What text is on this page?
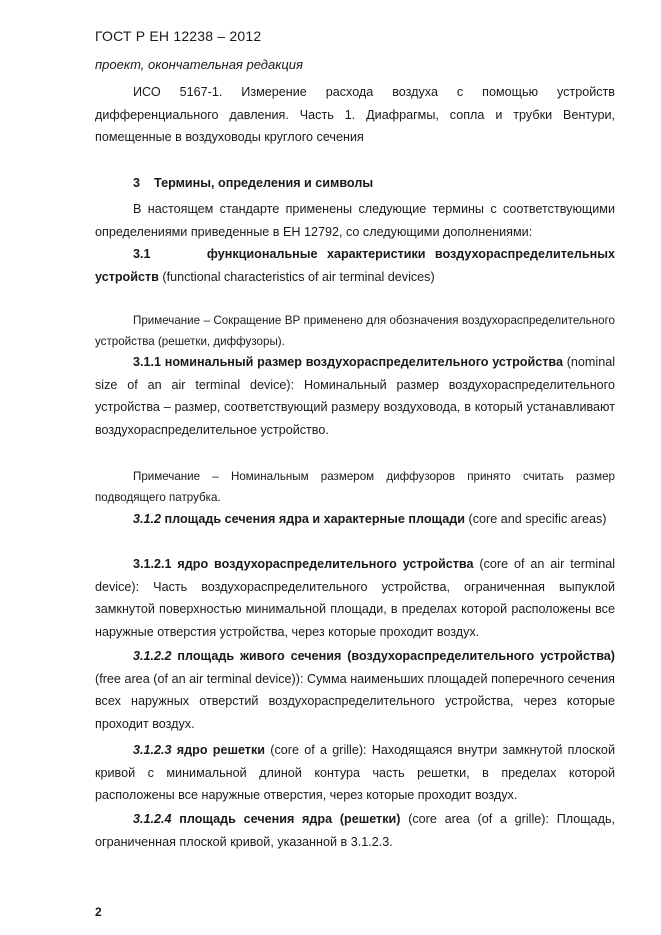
ГОСТ Р ЕН 12238 – 2012
проект, окончательная редакция

ИСО 5167-1. Измерение расхода воздуха с помощью устройств дифференциального давления. Часть 1. Диафрагмы, сопла и трубки Вентури, помещенные в воздуховоды круглого сечения

3 Термины, определения и символы

В настоящем стандарте применены следующие термины с соответствующими определениями приведенные в ЕН 12792, со следующими дополнениями:

3.1	функциональные характеристики воздухораспределительных устройств (functional characteristics of air terminal devices)

Примечание – Сокращение ВР применено для обозначения воздухораспределительного устройства (решетки, диффузоры).

3.1.1 номинальный размер воздухораспределительного устройства (nominal size of an air terminal device): Номинальный размер воздухораспределительного устройства – размер, соответствующий размеру воздуховода, в который устанавливают воздухораспределительное устройство.

Примечание – Номинальным размером диффузоров принято считать размер подводящего патрубка.

3.1.2 площадь сечения ядра и характерные площади (core and specific areas)

3.1.2.1 ядро воздухораспределительного устройства (core of an air terminal device): Часть воздухораспределительного устройства, ограниченная выпуклой замкнутой поверхностью минимальной площади, в пределах которой расположены все наружные отверстия устройства, через которые проходит воздух.

3.1.2.2 площадь живого сечения (воздухораспределительного устройства) (free area (of an air terminal device)): Сумма наименьших площадей поперечного сечения всех наружных отверстий воздухораспределительного устройства, через которые проходит воздух.

3.1.2.3 ядро решетки (core of a grille): Находящаяся внутри замкнутой плоской кривой с минимальной длиной контура часть решетки, в пределах которой расположены все наружные отверстия, через которые проходит воздух.

3.1.2.4 площадь сечения ядра (решетки) (core area (of a grille): Площадь, ограниченная плоской кривой, указанной в 3.1.2.3.

2
